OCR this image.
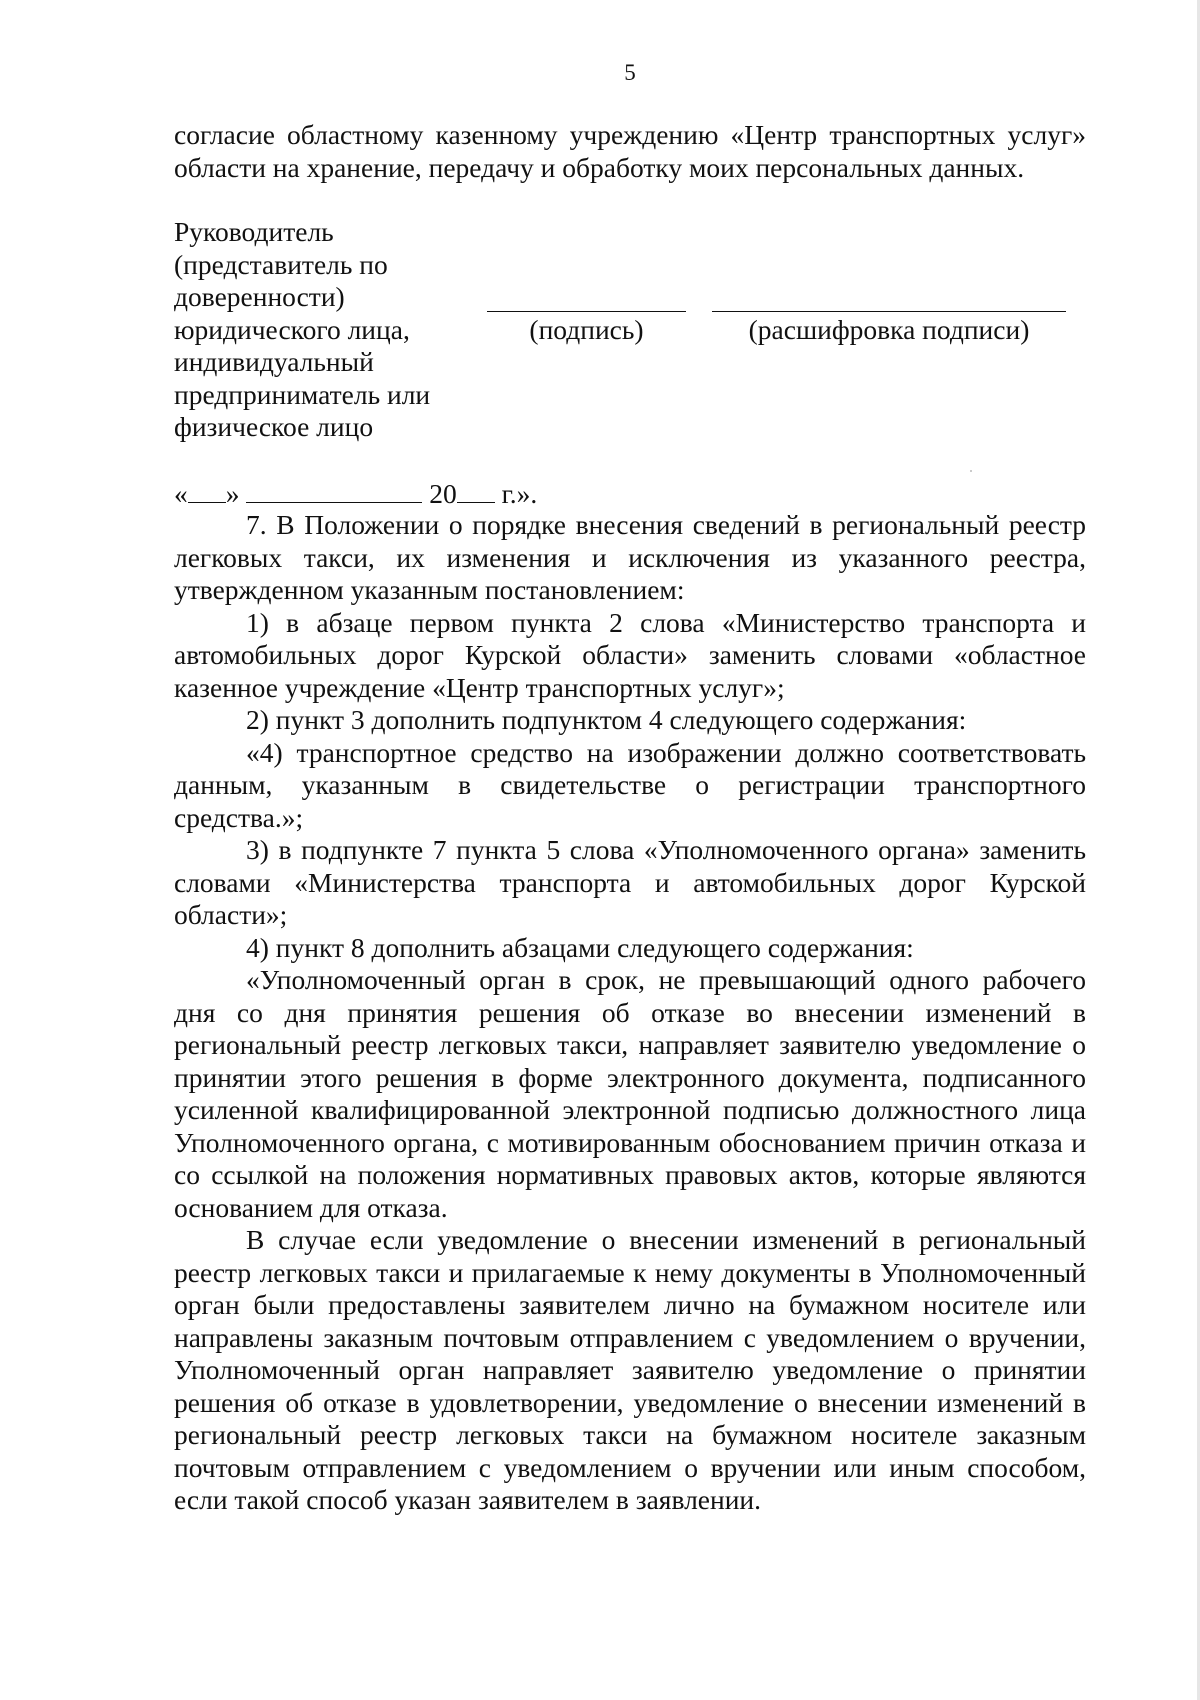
5

согласие областному казенному учреждению «Центр транспортных услуг» области на хранение, передачу и обработку моих персональных данных.

Руководитель
(представитель по
доверенности)
юридического лица,
индивидуальный
предприниматель или
физическое лицо
(подпись)	(расшифровка подписи)
« »	20 г.».

7. В Положении о порядке внесения сведений в региональный реестр легковых такси, их изменения и исключения из указанного реестра, утвержденном указанным постановлением:

1) в абзаце первом пункта 2 слова «Министерство транспорта и автомобильных дорог Курской области» заменить словами «областное казенное учреждение «Центр транспортных услуг»;

2) пункт 3 дополнить подпунктом 4 следующего содержания:

«4) транспортное средство на изображении должно соответствовать данным, указанным в свидетельстве о регистрации транспортного средства.»;

3) в подпункте 7 пункта 5 слова «Уполномоченного органа» заменить словами «Министерства транспорта и автомобильных дорог Курской области»;

4) пункт 8 дополнить абзацами следующего содержания:

«Уполномоченный орган в срок, не превышающий одного рабочего дня со дня принятия решения об отказе во внесении изменений в региональный реестр легковых такси, направляет заявителю уведомление о принятии этого решения в форме электронного документа, подписанного усиленной квалифицированной электронной подписью должностного лица Уполномоченного органа, с мотивированным обоснованием причин отказа и со ссылкой на положения нормативных правовых актов, которые являются основанием для отказа.

В случае если уведомление о внесении изменений в региональный реестр легковых такси и прилагаемые к нему документы в Уполномоченный орган были предоставлены заявителем лично на бумажном носителе или направлены заказным почтовым отправлением с уведомлением о вручении, Уполномоченный орган направляет заявителю уведомление о принятии решения об отказе в удовлетворении, уведомление о внесении изменений в региональный реестр легковых такси на бумажном носителе заказным почтовым отправлением с уведомлением о вручении или иным способом, если такой способ указан заявителем в заявлении.
